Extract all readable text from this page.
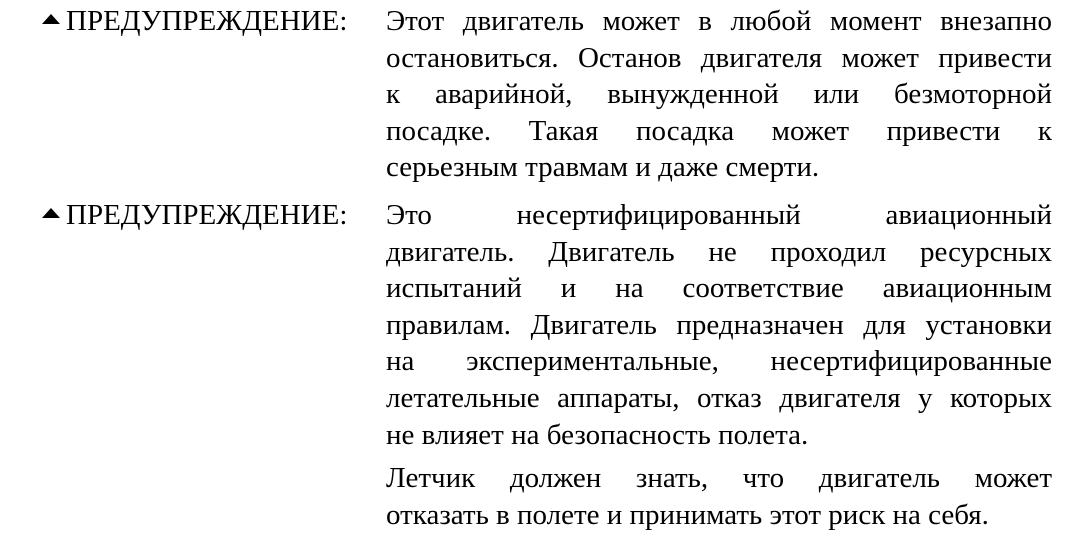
ПРЕДУПРЕЖДЕНИЕ: Этот двигатель может в любой момент внезапно
остановиться. Останов двигателя может привести
к аварийной, вынужденной или безмоторной
посадке. Такая посадка может привести к
серьезным травмам и даже смерти.

ПРЕДУПРЕЖДЕНИЕ: Это несертифицированный авиационный
двигатель. Двигатель не проходил ресурсных
испытаний и на соответствие авиационным
правилам. Двигатель предназначен для установки
на экспериментальные, несертифицированные
летательные аппараты, отказ двигателя у которых
не влияет на безопасность полета.

Летчик должен знать, что двигатель может
отказать в полете и принимать этот риск на себя.
